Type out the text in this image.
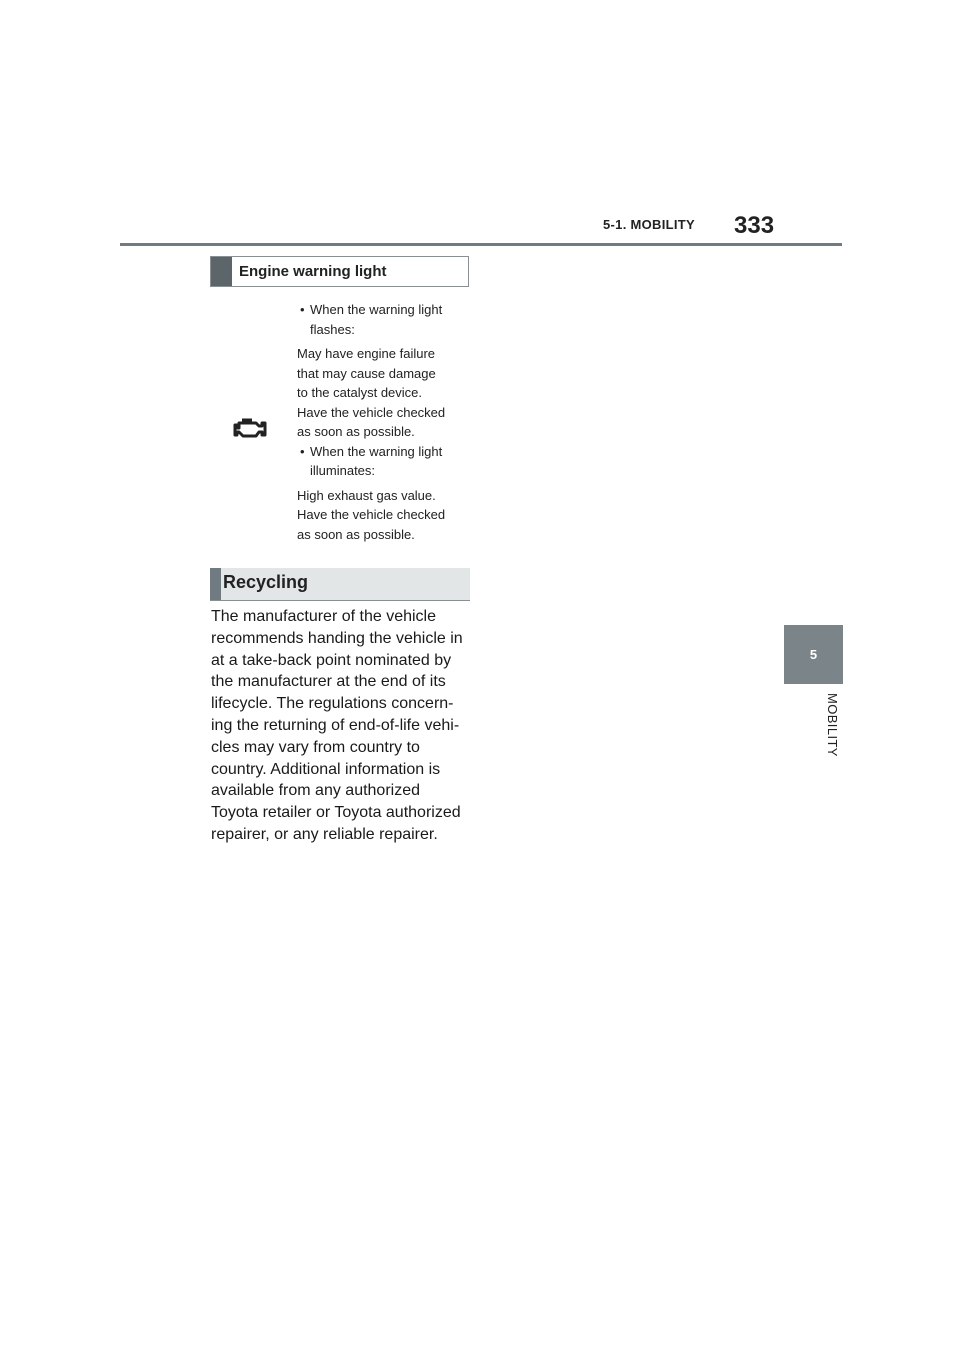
5-1. MOBILITY 333
5
MOBILITY
Engine warning light

• When the warning light flashes:

May have engine failure

that may cause damage

to the catalyst device.

Have the vehicle checked

as soon as possible.

• When the warning light illuminates:

High exhaust gas value.

Have the vehicle checked

as soon as possible.

Recycling
The manufacturer of the vehicle
recommends handing the vehicle in
at a take-back point nominated by
the manufacturer at the end of its
lifecycle. The regulations concern-
ing the returning of end-of-life vehi-
cles may vary from country to
country. Additional information is
available from any authorized
Toyota retailer or Toyota authorized
repairer, or any reliable repairer.
